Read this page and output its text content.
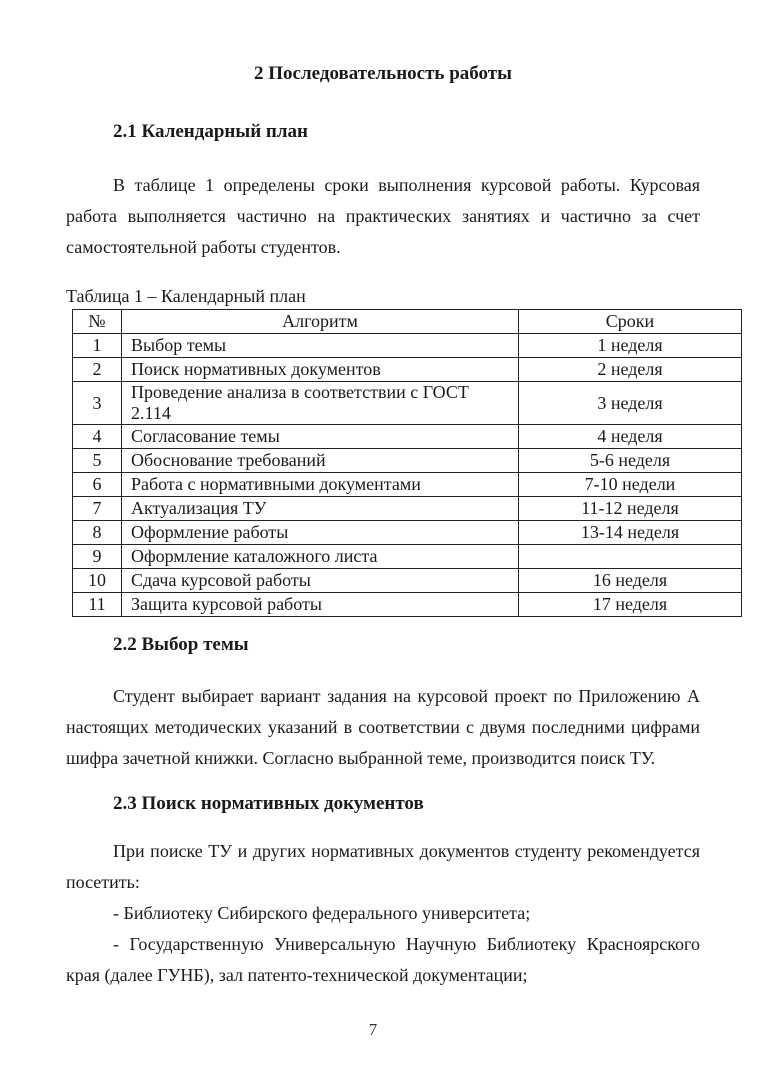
2 Последовательность работы
2.1 Календарный план

В таблице 1 определены сроки выполнения курсовой работы. Курсовая работа выполняется частично на практических занятиях и частично за счет самостоятельной работы студентов.

Таблица 1 – Календарный план
№	Алгоритм	Сроки
1	Выбор темы	1 неделя
2	Поиск нормативных документов	2 неделя
3	Проведение анализа в соответствии с ГОСТ 2.114	3 неделя
4	Согласование темы	4 неделя
5	Обоснование требований	5-6 неделя
6	Работа с нормативными документами	7-10 недели
7	Актуализация ТУ	11-12 неделя
8	Оформление работы	13-14 неделя
9	Оформление каталожного листа	
10	Сдача курсовой работы	16 неделя
11	Защита курсовой работы	17 неделя
2.2 Выбор темы

Студент выбирает вариант задания на курсовой проект по Приложению А настоящих методических указаний в соответствии с двумя последними цифрами шифра зачетной книжки. Согласно выбранной теме, производится поиск ТУ.

2.3 Поиск нормативных документов

При поиске ТУ и других нормативных документов студенту рекомендуется посетить:

- Библиотеку Сибирского федерального университета;

- Государственную Универсальную Научную Библиотеку Красноярского края (далее ГУНБ), зал патенто-технической документации;

7
